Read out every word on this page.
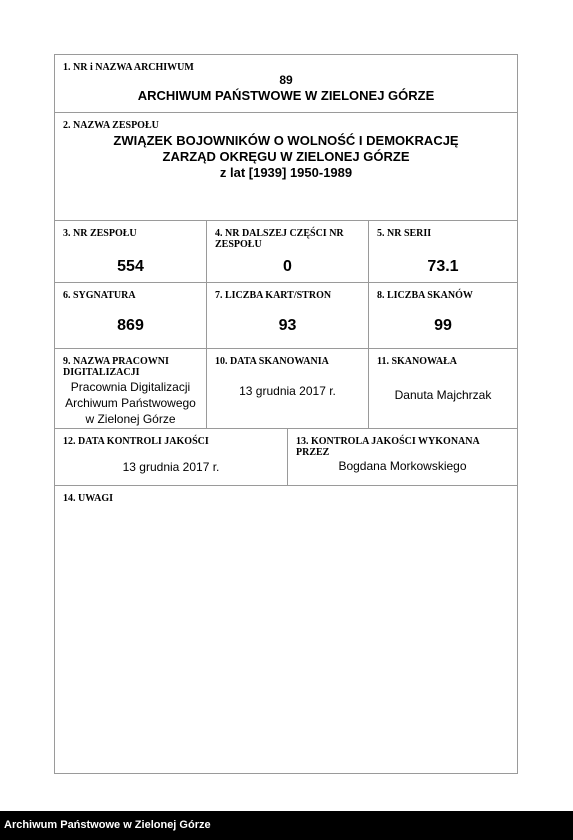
1. NR i NAZWA ARCHIWUM
89
ARCHIWUM PAŃSTWOWE W ZIELONEJ GÓRZE
2. NAZWA ZESPOŁU
ZWIĄZEK BOJOWNIKÓW O WOLNOŚĆ I DEMOKRACJĘ
ZARZĄD OKRĘGU W ZIELONEJ GÓRZE
z lat [1939] 1950-1989
3. NR ZESPOŁU
554
4. NR DALSZEJ CZĘŚCI NR ZESPOŁU
0
5. NR SERII
73.1
6. SYGNATURA
869
7. LICZBA KART/STRON
93
8. LICZBA SKANÓW
99
9. NAZWA PRACOWNI DIGITALIZACJI
Pracownia Digitalizacji
Archiwum Państwowego
w Zielonej Górze
10. DATA SKANOWANIA
13 grudnia 2017 r.
11. SKANOWAŁA
Danuta Majchrzak
12. DATA KONTROLI JAKOŚCI
13 grudnia 2017 r.
13. KONTROLA JAKOŚCI WYKONANA PRZEZ
Bogdana Morkowskiego
14. UWAGI
Archiwum Państwowe w Zielonej Górze
